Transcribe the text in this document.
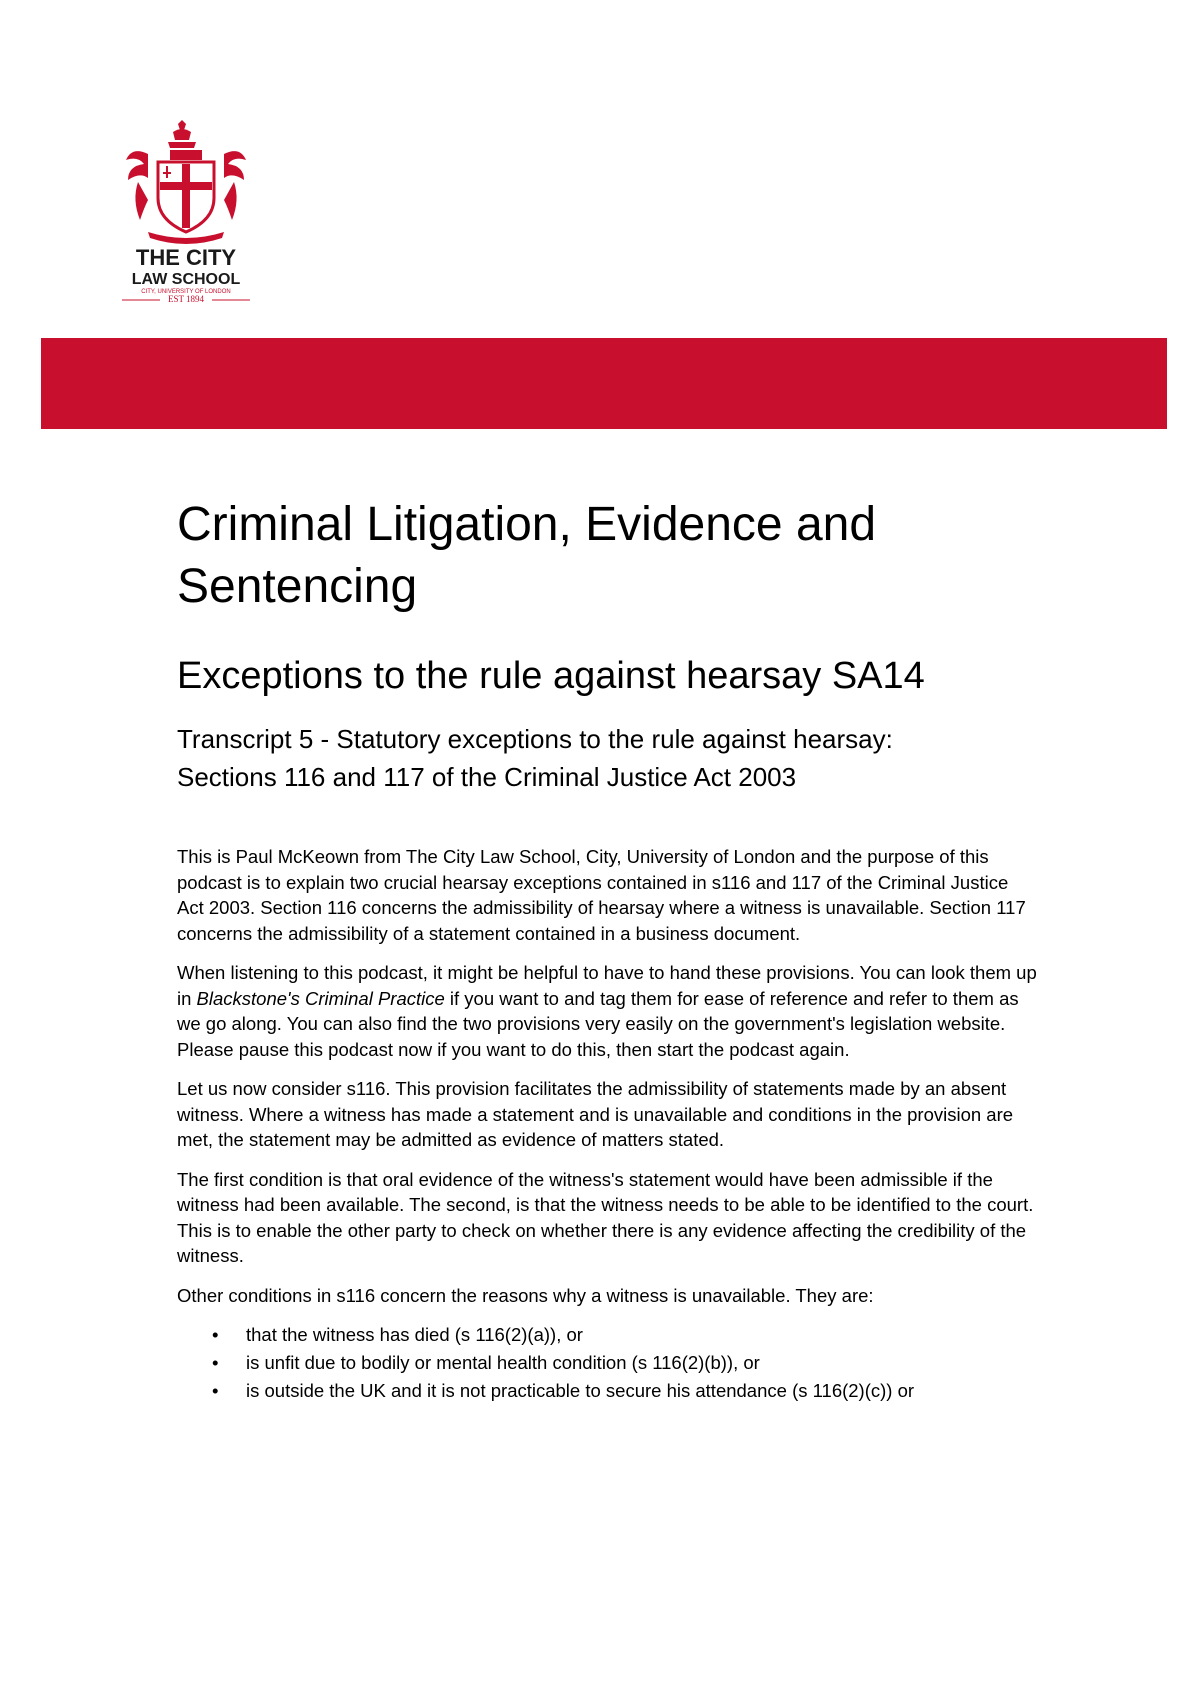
THE CITY
LAW SCHOOL
CITY, UNIVERSITY OF LONDON
EST 1894
Criminal Litigation, Evidence and Sentencing
Exceptions to the rule against hearsay SA14
Transcript 5 - Statutory exceptions to the rule against hearsay:
Sections 116 and 117 of the Criminal Justice Act 2003

This is Paul McKeown from The City Law School, City, University of London and the purpose of this podcast is to explain two crucial hearsay exceptions contained in s116 and 117 of the Criminal Justice Act 2003. Section 116 concerns the admissibility of hearsay where a witness is unavailable. Section 117 concerns the admissibility of a statement contained in a business document.

When listening to this podcast, it might be helpful to have to hand these provisions. You can look them up in Blackstone's Criminal Practice if you want to and tag them for ease of reference and refer to them as we go along. You can also find the two provisions very easily on the government's legislation website. Please pause this podcast now if you want to do this, then start the podcast again.

Let us now consider s116. This provision facilitates the admissibility of statements made by an absent witness. Where a witness has made a statement and is unavailable and conditions in the provision are met, the statement may be admitted as evidence of matters stated.

The first condition is that oral evidence of the witness's statement would have been admissible if the witness had been available. The second, is that the witness needs to be able to be identified to the court. This is to enable the other party to check on whether there is any evidence affecting the credibility of the witness.

Other conditions in s116 concern the reasons why a witness is unavailable. They are:

• that the witness has died (s 116(2)(a)), or
• is unfit due to bodily or mental health condition (s 116(2)(b)), or
• is outside the UK and it is not practicable to secure his attendance (s 116(2)(c)) or
